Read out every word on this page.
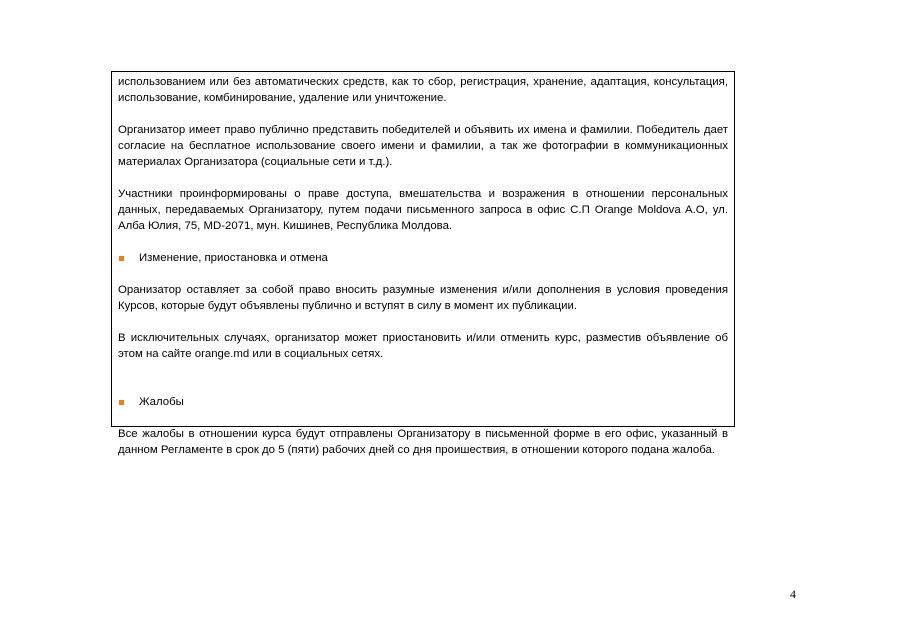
использованием или без автоматических средств, как то сбор, регистрация, хранение, адаптация, консультация, использование, комбинирование, удаление или уничтожение.

Организатор имеет право публично представить победителей и объявить их имена и фамилии. Победитель дает согласие на бесплатное использование своего имени и фамилии, а так же фотографии в коммуникационных материалах Организатора (социальные сети и т.д.).

Участники проинформированы о праве доступа, вмешательства и возражения в отношении персональных данных, передаваемых Организатору, путем подачи письменного запроса в офис С.П Orange Moldova A.O, ул. Алба Юлия, 75, MD-2071, мун. Кишинев, Республика Молдова.

Изменение, приостановка и отмена

Оранизатор оставляет за собой право вносить разумные изменения и/или дополнения в условия проведения Курсов, которые будут объявлены публично и вступят в силу в момент их публикации.

В исключительных случаях, организатор может приостановить и/или отменить курс, разместив объявление об этом на сайте orange.md или в социальных сетях.

Жалобы

Все жалобы в отношении курса будут отправлены Организатору в письменной форме в его офис, указанный в данном Регламенте в срок до 5 (пяти) рабочих дней со дня проишествия, в отношении которого подана жалоба.

4
